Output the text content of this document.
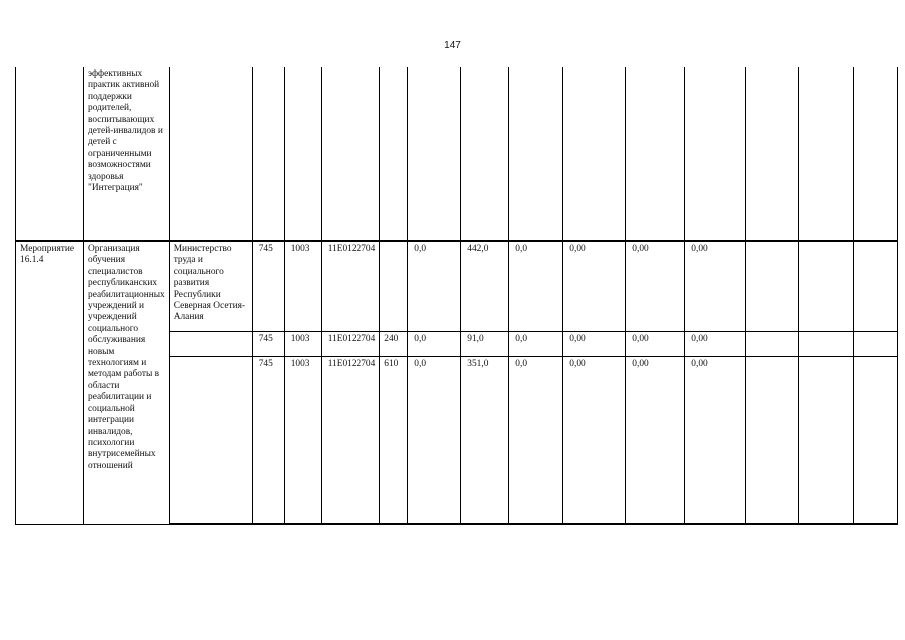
147
	эффективных практик активной поддержки родителей, воспитывающих детей-инвалидов и детей с ограниченными возможностями здоровья "Интеграция"														
Мероприятие 16.1.4	Организация обучения специалистов республиканских реабилитационных учреждений и учреждений социального обслуживания новым технологиям и методам работы в области реабилитации и социальной интеграции инвалидов, психологии внутрисемейных отношений	Министерство труда и социального развития Республики Северная Осетия-Алания	745	1003	11Е0122704		0,0	442,0	0,0	0,00	0,00	0,00			
			745	1003	11Е0122704	240	0,0	91,0	0,0	0,00	0,00	0,00			
			745	1003	11Е0122704	610	0,0	351,0	0,0	0,00	0,00	0,00			
